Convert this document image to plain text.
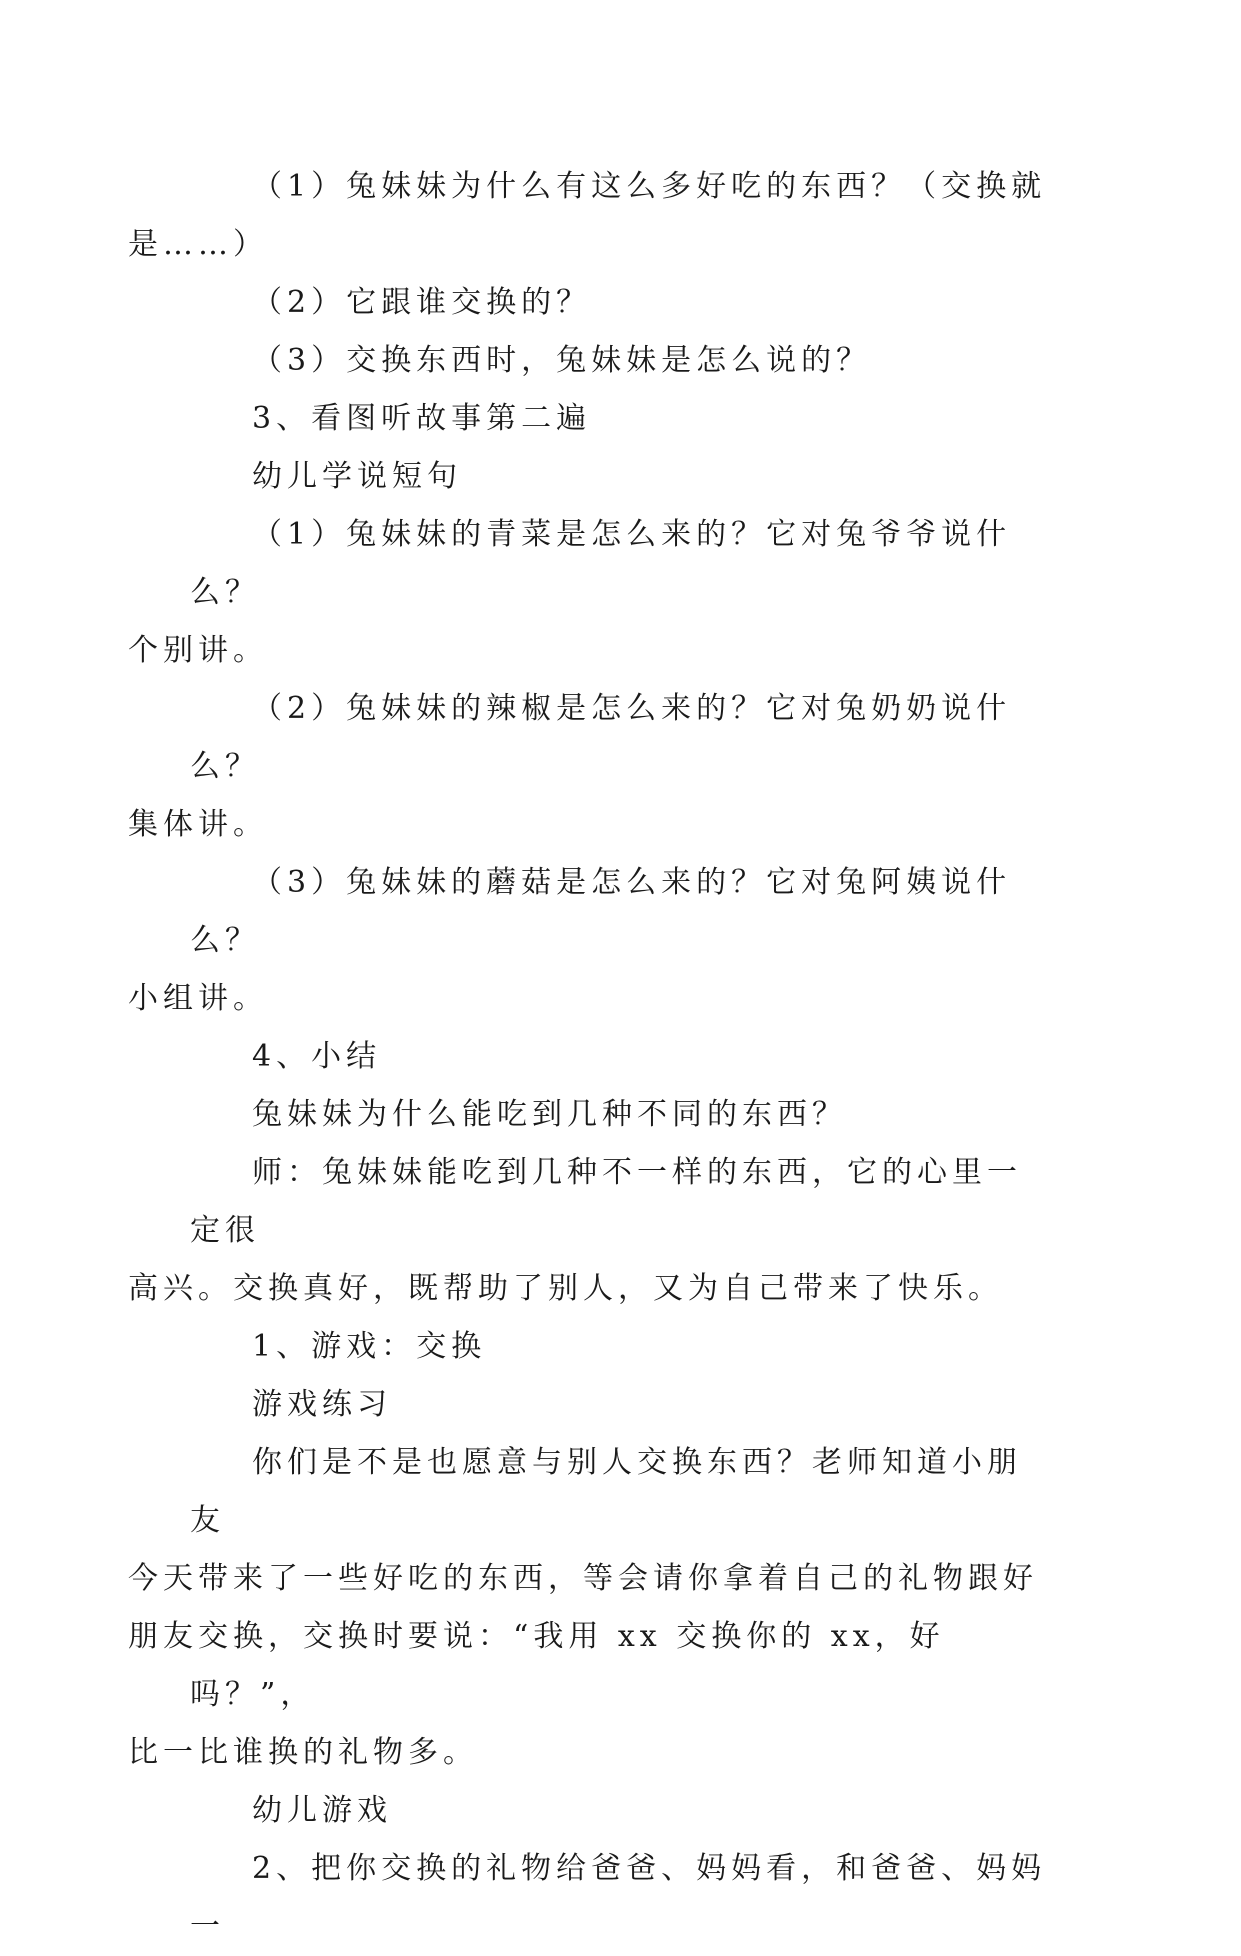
（1）兔妹妹为什么有这么多好吃的东西？（交换就
是……）

（2）它跟谁交换的？

（3）交换东西时，兔妹妹是怎么说的？

3、看图听故事第二遍

幼儿学说短句

（1）兔妹妹的青菜是怎么来的？它对兔爷爷说什么？
个别讲。

（2）兔妹妹的辣椒是怎么来的？它对兔奶奶说什么？
集体讲。

（3）兔妹妹的蘑菇是怎么来的？它对兔阿姨说什么？
小组讲。

4、小结

兔妹妹为什么能吃到几种不同的东西？

师：兔妹妹能吃到几种不一样的东西，它的心里一定很
高兴。交换真好，既帮助了别人，又为自己带来了快乐。

1、游戏：交换

游戏练习

你们是不是也愿意与别人交换东西？老师知道小朋友
今天带来了一些好吃的东西，等会请你拿着自己的礼物跟好
朋友交换，交换时要说：“我用 xx 交换你的 xx，好吗？”，
比一比谁换的礼物多。

幼儿游戏

2、把你交换的礼物给爸爸、妈妈看，和爸爸、妈妈一
